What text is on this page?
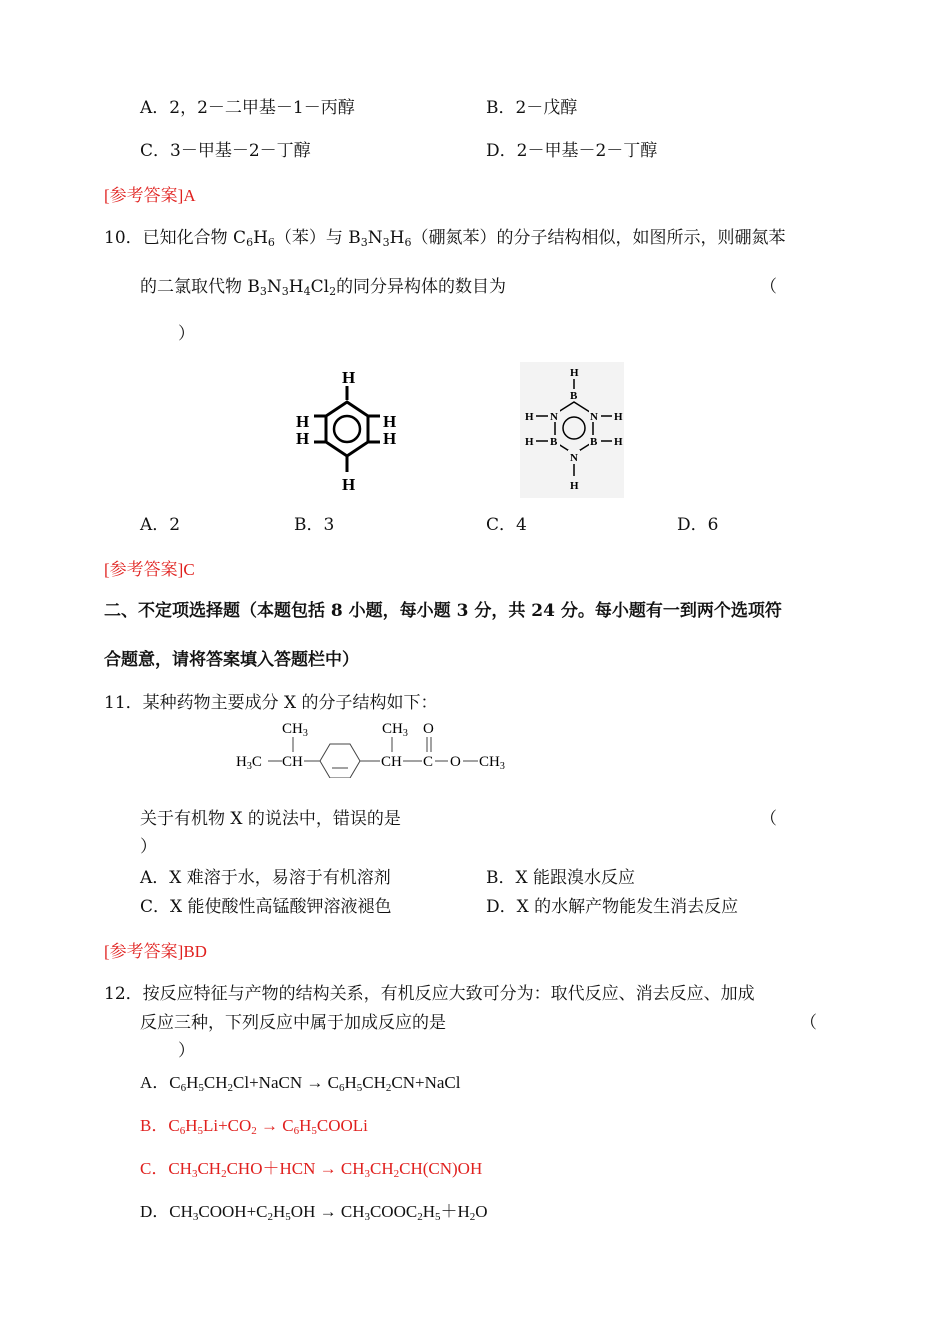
A．2，2－二甲基－1－丙醇	B．2－戊醇
C．3－甲基－2－丁醇	D．2－甲基－2－丁醇
[参考答案]A
10．已知化合物 $C_6H_6$（苯）与 $B_3N_3H_6$（硼氮苯）的分子结构相似，如图所示，则硼氮苯
的二氯取代物 $B_3N_3H_4Cl_2$的同分异构体的数目为	（
）
H
H
H
H
H
H
H
B
N
H	H
N
B
H	H
B
N
H
A．2	B．3	C．4	D．6
[参考答案]C
二、不定项选择题（本题包括 8 小题，每小题 3 分，共 24 分。每小题有一到两个选项符
合题意，请将答案填入答题栏中）
11．某种药物主要成分 X 的分子结构如下：
$CH_3$
$H_3C$ CH
$CH_3$ O
CH C O $CH_3$
关于有机物 X 的说法中，错误的是	（
）
A．X 难溶于水，易溶于有机溶剂	B．X 能跟溴水反应
C．X 能使酸性高锰酸钾溶液褪色	D．X 的水解产物能发生消去反应
[参考答案]BD
12．按反应特征与产物的结构关系，有机反应大致可分为：取代反应、消去反应、加成
反应三种，下列反应中属于加成反应的是	（
）
A．$C_6H_5CH_2Cl+NaCN$ → $C_6H_5CH_2CN+NaCl$
B．$C_6H_5Li+CO_2$ → $C_6H_5COOLi$
C．$CH_3CH_2CHO+HCN \to CH_3CH_2CH(CN)OH$
D．$CH_3COOH+C_2H_5OH$ → $CH_3COOC_2H_5+H_2O$
